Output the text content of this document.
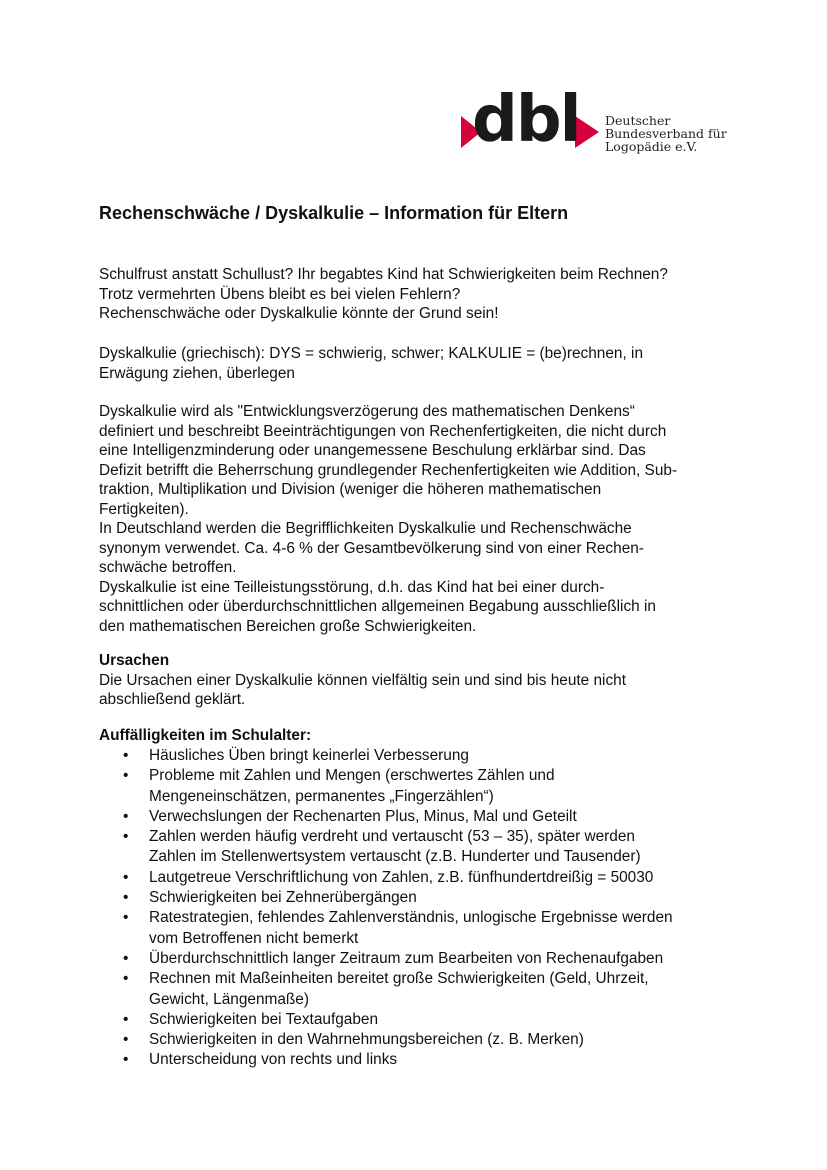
dbl Deutscher
Bundesverband für
Logopädie e.V.
Rechenschwäche / Dyskalkulie – Information für Eltern
Schulfrust anstatt Schullust? Ihr begabtes Kind hat Schwierigkeiten beim Rechnen?
Trotz vermehrten Übens bleibt es bei vielen Fehlern?
Rechenschwäche oder Dyskalkulie könnte der Grund sein!
Dyskalkulie (griechisch): DYS = schwierig, schwer; KALKULIE = (be)rechnen, in
Erwägung ziehen, überlegen
Dyskalkulie wird als "Entwicklungsverzögerung des mathematischen Denkens“
definiert und beschreibt Beeinträchtigungen von Rechenfertigkeiten, die nicht durch
eine Intelligenzminderung oder unangemessene Beschulung erklärbar sind. Das
Defizit betrifft die Beherrschung grundlegender Rechenfertigkeiten wie Addition, Sub-
traktion, Multiplikation und Division (weniger die höheren mathematischen
Fertigkeiten).
In Deutschland werden die Begrifflichkeiten Dyskalkulie und Rechenschwäche
synonym verwendet. Ca. 4-6 % der Gesamtbevölkerung sind von einer Rechen-
schwäche betroffen.
Dyskalkulie ist eine Teilleistungsstörung, d.h. das Kind hat bei einer durch-
schnittlichen oder überdurchschnittlichen allgemeinen Begabung ausschließlich in
den mathematischen Bereichen große Schwierigkeiten.
Ursachen
Die Ursachen einer Dyskalkulie können vielfältig sein und sind bis heute nicht
abschließend geklärt.
Auffälligkeiten im Schulalter:
• Häusliches Üben bringt keinerlei Verbesserung
• Probleme mit Zahlen und Mengen (erschwertes Zählen und
Mengeneinschätzen, permanentes „Fingerzählen“)
• Verwechslungen der Rechenarten Plus, Minus, Mal und Geteilt
• Zahlen werden häufig verdreht und vertauscht (53 – 35), später werden
Zahlen im Stellenwertsystem vertauscht (z.B. Hunderter und Tausender)
• Lautgetreue Verschriftlichung von Zahlen, z.B. fünfhundertdreißig = 50030
• Schwierigkeiten bei Zehnerübergängen
• Ratestrategien, fehlendes Zahlenverständnis, unlogische Ergebnisse werden
vom Betroffenen nicht bemerkt
• Überdurchschnittlich langer Zeitraum zum Bearbeiten von Rechenaufgaben
• Rechnen mit Maßeinheiten bereitet große Schwierigkeiten (Geld, Uhrzeit,
Gewicht, Längenmaße)
• Schwierigkeiten bei Textaufgaben
• Schwierigkeiten in den Wahrnehmungsbereichen (z. B. Merken)
• Unterscheidung von rechts und links
